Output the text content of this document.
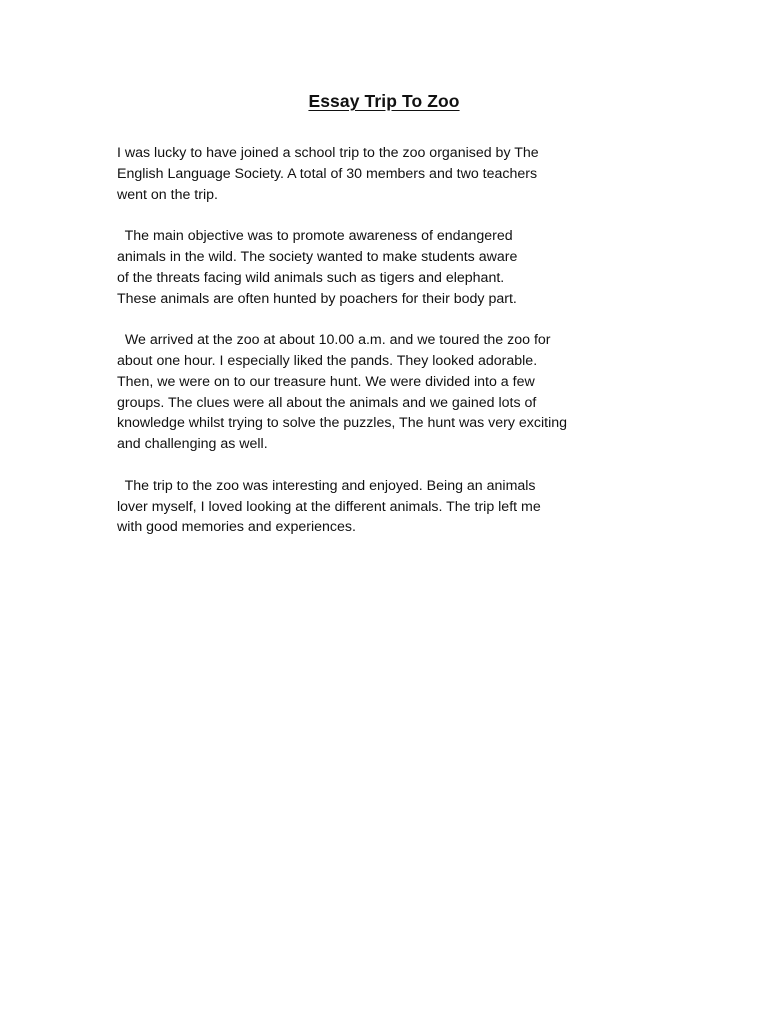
Essay Trip To Zoo

I was lucky to have joined a school trip to the zoo organised by The
English Language Society. A total of 30 members and two teachers
went on the trip.

The main objective was to promote awareness of endangered
animals in the wild. The society wanted to make students aware
of the threats facing wild animals such as tigers and elephant.
These animals are often hunted by poachers for their body part.

We arrived at the zoo at about 10.00 a.m. and we toured the zoo for
about one hour. I especially liked the pands. They looked adorable.
Then, we were on to our treasure hunt. We were divided into a few
groups. The clues were all about the animals and we gained lots of
knowledge whilst trying to solve the puzzles, The hunt was very exciting
and challenging as well.

The trip to the zoo was interesting and enjoyed. Being an animals
lover myself, I loved looking at the different animals. The trip left me
with good memories and experiences.
